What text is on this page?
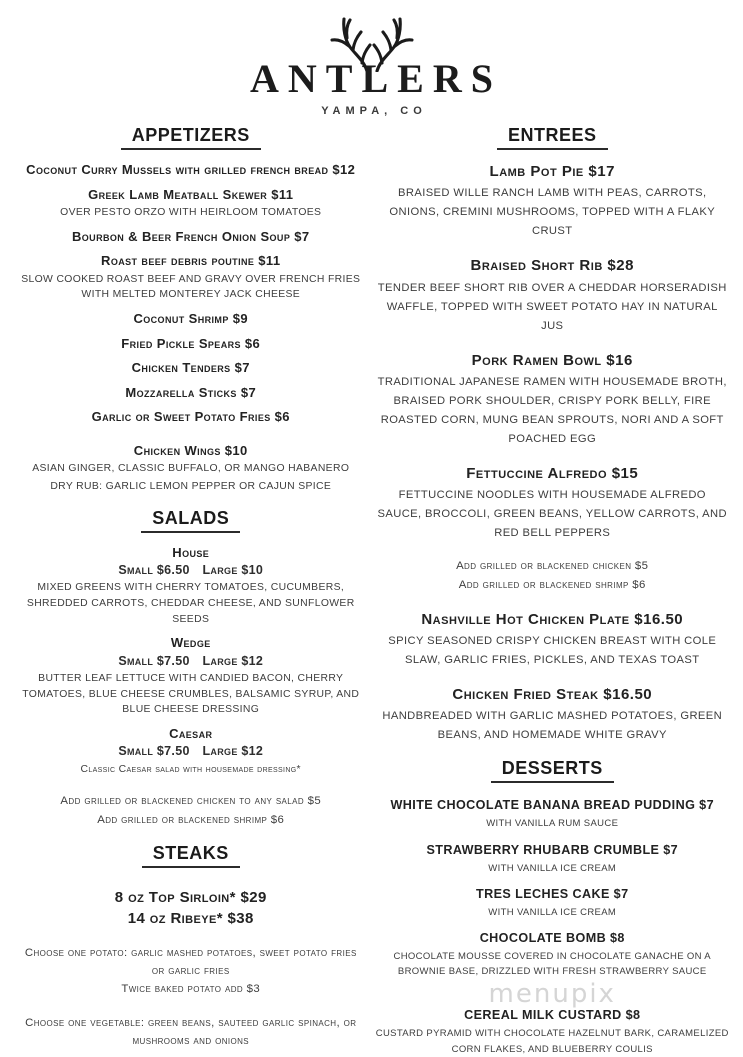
ANTLERS
YAMPA, CO
APPETIZERS
Coconut Curry Mussels with grilled french bread $12
Greek Lamb Meatball Skewer $11
OVER PESTO ORZO WITH HEIRLOOM TOMATOES
Bourbon & Beer French Onion Soup $7
Roast beef debris poutine $11
SLOW COOKED ROAST BEEF AND GRAVY OVER FRENCH FRIES WITH MELTED MONTEREY JACK CHEESE
Coconut Shrimp $9
Fried Pickle Spears $6
Chicken Tenders $7
Mozzarella Sticks $7
Garlic or Sweet Potato Fries $6
Chicken Wings $10
ASIAN GINGER, CLASSIC BUFFALO, OR MANGO HABANERO
DRY RUB: GARLIC LEMON PEPPER OR CAJUN SPICE
SALADS
House
Small $6.50 Large $10
MIXED GREENS WITH CHERRY TOMATOES, CUCUMBERS, SHREDDED CARROTS, CHEDDAR CHEESE, AND SUNFLOWER SEEDS
Wedge
Small $7.50 Large $12
BUTTER LEAF LETTUCE WITH CANDIED BACON, CHERRY TOMATOES, BLUE CHEESE CRUMBLES, BALSAMIC SYRUP, AND BLUE CHEESE DRESSING
Caesar
Small $7.50 Large $12
Classic Caesar salad with housemade dressing*
Add grilled or blackened chicken to any salad $5
Add grilled or blackened shrimp $6
STEAKS
8 oz Top Sirloin* $29
14 oz Ribeye* $38
Choose one potato: garlic mashed potatoes, sweet potato fries or garlic fries
Twice baked potato add $3
Choose one vegetable: green beans, sauteed garlic spinach, or mushrooms and onions
ENTREES
Lamb Pot Pie $17
BRAISED WILLE RANCH LAMB WITH PEAS, CARROTS, ONIONS, CREMINI MUSHROOMS, TOPPED WITH A FLAKY CRUST
Braised Short Rib $28
TENDER BEEF SHORT RIB OVER A CHEDDAR HORSERADISH WAFFLE, TOPPED WITH SWEET POTATO HAY IN NATURAL JUS
Pork Ramen Bowl $16
TRADITIONAL JAPANESE RAMEN WITH HOUSEMADE BROTH, BRAISED PORK SHOULDER, CRISPY PORK BELLY, FIRE ROASTED CORN, MUNG BEAN SPROUTS, NORI AND A SOFT POACHED EGG
Fettuccine Alfredo $15
FETTUCCINE NOODLES WITH HOUSEMADE ALFREDO SAUCE, BROCCOLI, GREEN BEANS, YELLOW CARROTS, AND RED BELL PEPPERS
Add grilled or blackened chicken $5
Add grilled or blackened shrimp $6
Nashville Hot Chicken Plate $16.50
SPICY SEASONED CRISPY CHICKEN BREAST WITH COLE SLAW, GARLIC FRIES, PICKLES, AND TEXAS TOAST
Chicken Fried Steak $16.50
HANDBREADED WITH GARLIC MASHED POTATOES, GREEN BEANS, AND HOMEMADE WHITE GRAVY
DESSERTS
WHITE CHOCOLATE BANANA BREAD PUDDING $7
WITH VANILLA RUM SAUCE
STRAWBERRY RHUBARB CRUMBLE $7
WITH VANILLA ICE CREAM
TRES LECHES CAKE $7
WITH VANILLA ICE CREAM
CHOCOLATE BOMB $8
CHOCOLATE MOUSSE COVERED IN CHOCOLATE GANACHE ON A BROWNIE BASE, DRIZZLED WITH FRESH STRAWBERRY SAUCE
menupix
CEREAL MILK CUSTARD $8
CUSTARD PYRAMID WITH CHOCOLATE HAZELNUT BARK, CARAMELIZED CORN FLAKES, AND BLUEBERRY COULIS
